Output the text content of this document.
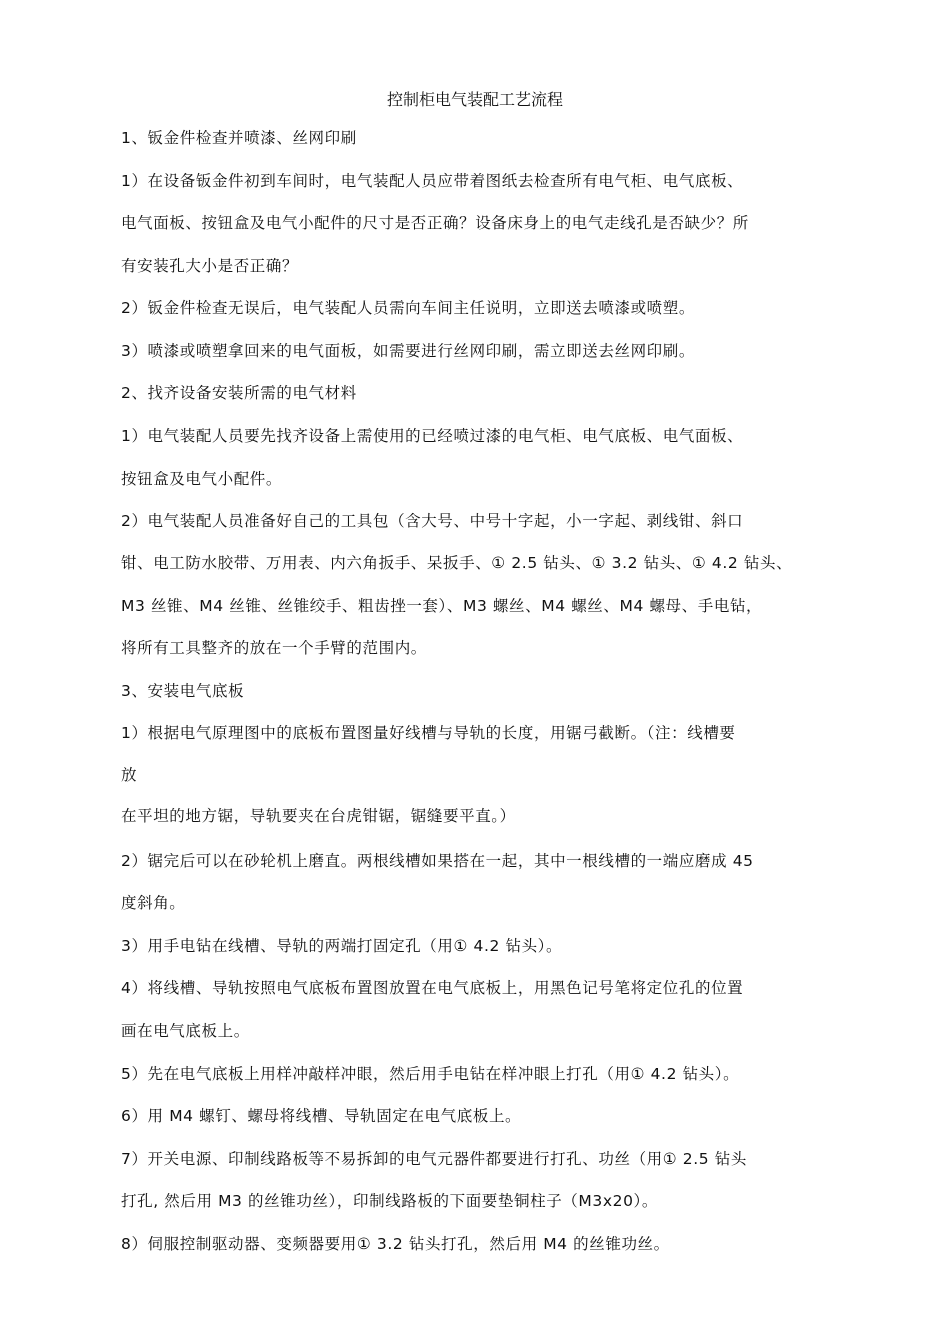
控制柜电气装配工艺流程
1、钣金件检查并喷漆、丝网印刷
1）在设备钣金件初到车间时，电气装配人员应带着图纸去检查所有电气柜、电气底板、
电气面板、按钮盒及电气小配件的尺寸是否正确？设备床身上的电气走线孔是否缺少？所
有安装孔大小是否正确？
2）钣金件检查无误后，电气装配人员需向车间主任说明，立即送去喷漆或喷塑。
3）喷漆或喷塑拿回来的电气面板，如需要进行丝网印刷，需立即送去丝网印刷。
2、找齐设备安装所需的电气材料
1）电气装配人员要先找齐设备上需使用的已经喷过漆的电气柜、电气底板、电气面板、
按钮盒及电气小配件。
2）电气装配人员准备好自己的工具包（含大号、中号十字起，小一字起、剥线钳、斜口
钳、电工防水胶带、万用表、内六角扳手、呆扳手、① 2.5 钻头、① 3.2 钻头、① 4.2 钻头、
M3 丝锥、M4 丝锥、丝锥绞手、粗齿挫一套）、M3 螺丝、M4 螺丝、M4 螺母、手电钻，
将所有工具整齐的放在一个手臂的范围内。
3、安装电气底板
1）根据电气原理图中的底板布置图量好线槽与导轨的长度，用锯弓截断。（注：线槽要
放
在平坦的地方锯，导轨要夹在台虎钳锯，锯缝要平直。）
2）锯完后可以在砂轮机上磨直。两根线槽如果搭在一起，其中一根线槽的一端应磨成 45
度斜角。
3）用手电钻在线槽、导轨的两端打固定孔（用① 4.2 钻头）。
4）将线槽、导轨按照电气底板布置图放置在电气底板上，用黑色记号笔将定位孔的位置
画在电气底板上。
5）先在电气底板上用样冲敲样冲眼，然后用手电钻在样冲眼上打孔（用① 4.2 钻头）。
6）用 M4 螺钉、螺母将线槽、导轨固定在电气底板上。
7）开关电源、印制线路板等不易拆卸的电气元器件都要进行打孔、功丝（用① 2.5 钻头
打孔, 然后用 M3 的丝锥功丝），印制线路板的下面要垫铜柱子（M3x20）。
8）伺服控制驱动器、变频器要用① 3.2 钻头打孔，然后用 M4 的丝锥功丝。
